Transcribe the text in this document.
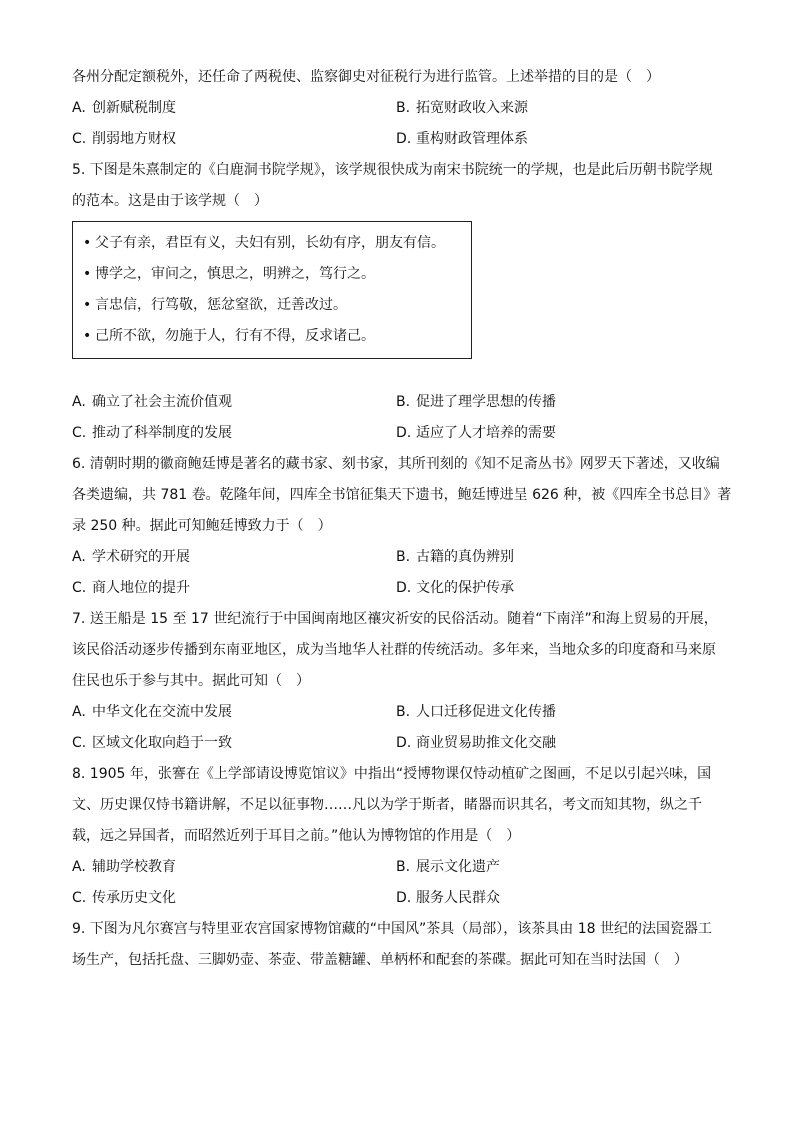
各州分配定额税外，还任命了两税使、监察御史对征税行为进行监管。上述举措的目的是（　）
A. 创新赋税制度	B. 拓宽财政收入来源
C. 削弱地方财权	D. 重构财政管理体系
5. 下图是朱熹制定的《白鹿洞书院学规》，该学规很快成为南宋书院统一的学规，也是此后历朝书院学规
的范本。这是由于该学规（　）
• 父子有亲，君臣有义，夫妇有别，长幼有序，朋友有信。
• 博学之，审问之，慎思之，明辨之，笃行之。
• 言忠信，行笃敬，惩忿窒欲，迁善改过。
• 己所不欲，勿施于人，行有不得，反求诸己。
A. 确立了社会主流价值观	B. 促进了理学思想的传播
C. 推动了科举制度的发展	D. 适应了人才培养的需要
6. 清朝时期的徽商鲍廷博是著名的藏书家、刻书家，其所刊刻的《知不足斋丛书》网罗天下著述，又收编
各类遗编，共 781 卷。乾隆年间，四库全书馆征集天下遗书，鲍廷博进呈 626 种，被《四库全书总目》著
录 250 种。据此可知鲍廷博致力于（　）
A. 学术研究的开展	B. 古籍的真伪辨别
C. 商人地位的提升	D. 文化的保护传承
7. 送王船是 15 至 17 世纪流行于中国闽南地区禳灾祈安的民俗活动。随着“下南洋”和海上贸易的开展，
该民俗活动逐步传播到东南亚地区，成为当地华人社群的传统活动。多年来，当地众多的印度裔和马来原
住民也乐于参与其中。据此可知（　）
A. 中华文化在交流中发展	B. 人口迁移促进文化传播
C. 区域文化取向趋于一致	D. 商业贸易助推文化交融
8. 1905 年，张謇在《上学部请设博览馆议》中指出“授博物课仅恃动植矿之图画，不足以引起兴味，国
文、历史课仅恃书籍讲解，不足以征事物……凡以为学于斯者，睹器而识其名，考文而知其物，纵之千
载，远之异国者，而昭然近列于耳目之前。”他认为博物馆的作用是（　）
A. 辅助学校教育	B. 展示文化遗产
C. 传承历史文化	D. 服务人民群众
9. 下图为凡尔赛宫与特里亚农宫国家博物馆藏的“中国风”茶具（局部），该茶具由 18 世纪的法国瓷器工
场生产，包括托盘、三脚奶壶、茶壶、带盖糖罐、单柄杯和配套的茶碟。据此可知在当时法国（　）
